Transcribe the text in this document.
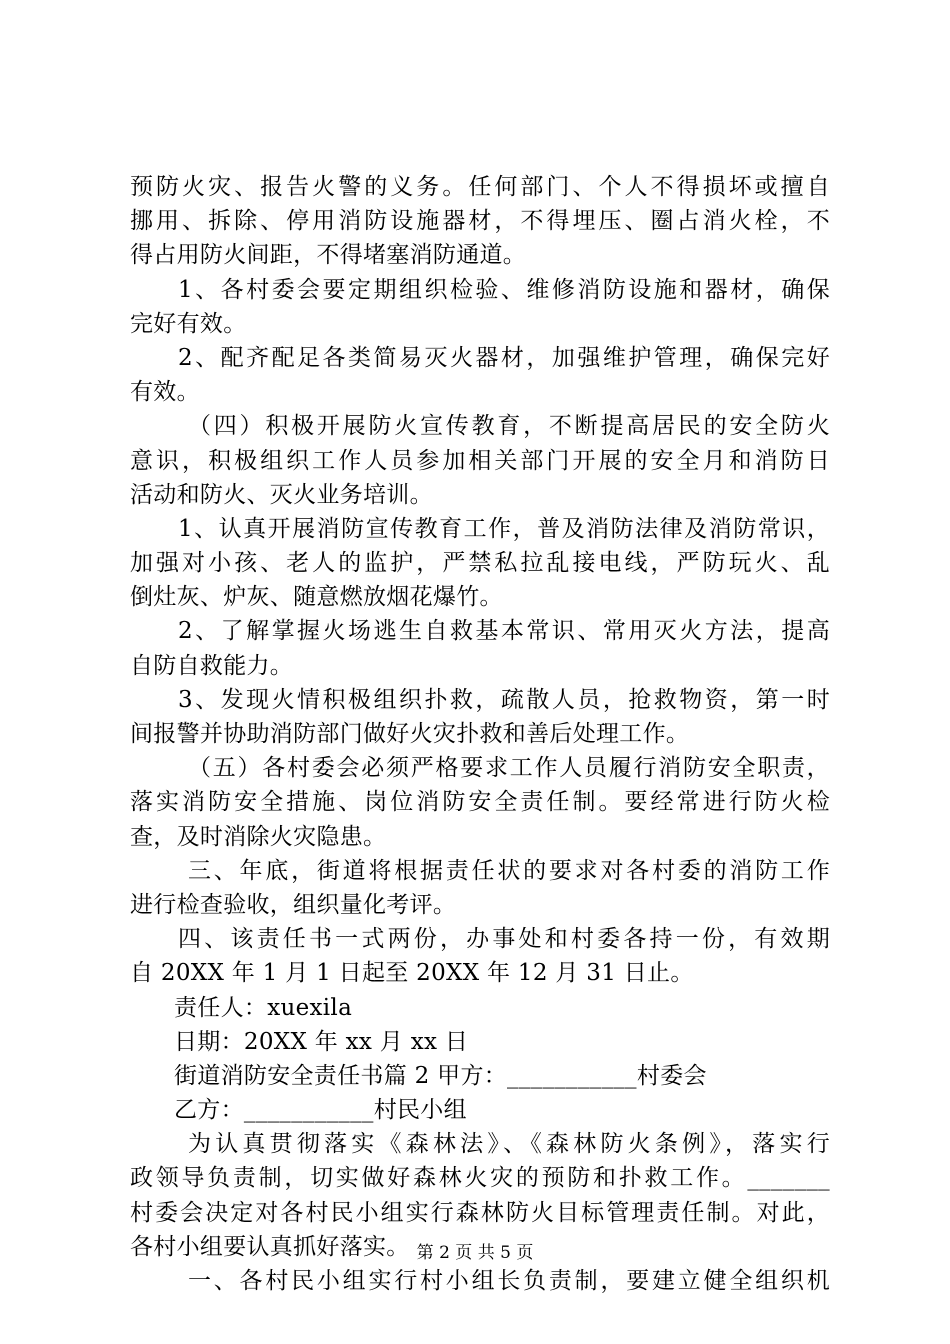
预防火灾、报告火警的义务。任何部门、个人不得损坏或擅自
挪用、拆除、停用消防设施器材，不得埋压、圈占消火栓，不
得占用防火间距，不得堵塞消防通道。
1、各村委会要定期组织检验、维修消防设施和器材，确保
完好有效。
2、配齐配足各类简易灭火器材，加强维护管理，确保完好
有效。
（四）积极开展防火宣传教育，不断提高居民的安全防火
意识，积极组织工作人员参加相关部门开展的安全月和消防日
活动和防火、灭火业务培训。
1、认真开展消防宣传教育工作，普及消防法律及消防常识，
加强对小孩、老人的监护，严禁私拉乱接电线，严防玩火、乱
倒灶灰、炉灰、随意燃放烟花爆竹。
2、了解掌握火场逃生自救基本常识、常用灭火方法，提高
自防自救能力。
3、发现火情积极组织扑救，疏散人员，抢救物资，第一时
间报警并协助消防部门做好火灾扑救和善后处理工作。
（五）各村委会必须严格要求工作人员履行消防安全职责，
落实消防安全措施、岗位消防安全责任制。要经常进行防火检
查，及时消除火灾隐患。
三、年底，街道将根据责任状的要求对各村委的消防工作
进行检查验收，组织量化考评。
四、该责任书一式两份，办事处和村委各持一份，有效期
自 20XX 年 1 月 1 日起至 20XX 年 12 月 31 日止。
责任人：xuexila
日期：20XX 年 xx 月 xx 日
街道消防安全责任书篇 2 甲方：___________村委会
乙方：___________村民小组
为认真贯彻落实《森林法》、《森林防火条例》，落实行
政领导负责制，切实做好森林火灾的预防和扑救工作。_______
村委会决定对各村民小组实行森林防火目标管理责任制。对此，
各村小组要认真抓好落实。
一、各村民小组实行村小组长负责制，要建立健全组织机
第 2 页 共 5 页
